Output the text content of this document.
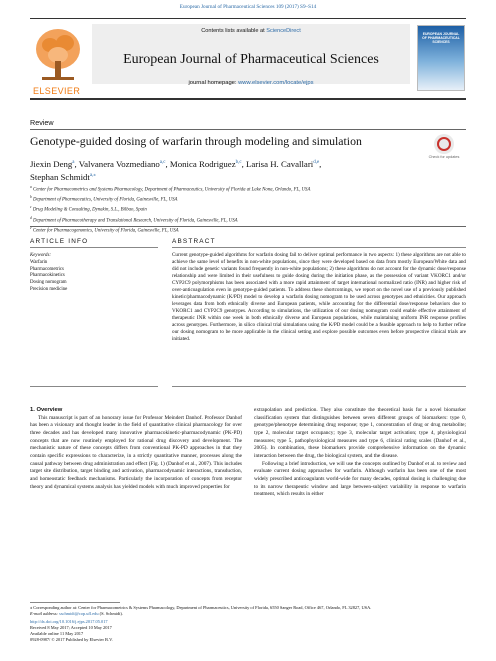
European Journal of Pharmaceutical Sciences 109 (2017) S9–S14
ELSEVIER
Contents lists available at ScienceDirect
European Journal of Pharmaceutical Sciences
journal homepage: www.elsevier.com/locate/ejps
EUROPEAN JOURNAL OF PHARMACEUTICAL SCIENCES
Review
Genotype-guided dosing of warfarin through modeling and simulation
Check for updates
Jiexin Deng$^a$, Valvanera Vozmediano$^{a,c}$, Monica Rodriguez$^{b,c}$, Larisa H. Cavallari$^{d,e}$,
Stephan Schmidt$^{a,⁎}$
$^a$ Center for Pharmacometrics and Systems Pharmacology, Department of Pharmaceutics, University of Florida at Lake Nona, Orlando, FL, USA
$^b$ Department of Pharmaceutics, University of Florida, Gainesville, FL, USA
$^c$ Drug Modeling & Consulting, Dynakin, S.L., Bilbao, Spain
$^d$ Department of Pharmacotherapy and Translational Research, University of Florida, Gainesville, FL, USA
$^e$ Center for Pharmacogenomics, University of Florida, Gainesville, FL, USA
ARTICLE INFO	ABSTRACT
Keywords:
Warfarin
Pharmacometrics
Pharmacokinetics
Dosing nomogram
Precision medicine
Current genotype-guided algorithms for warfarin dosing fail to deliver optimal performance in two aspects: 1) these algorithms are not able to achieve the same level of benefits in non-white populations, since they were developed based on data from mostly European/White data and did not include genetic variants found frequently in non-white populations; 2) these algorithms do not account for the dynamic dose/response relationship and were limited in their usefulness to guide dosing during the initiation phase, as the possession of variant VKORC1 and/or CYP2C9 polymorphisms has been associated with a more rapid attainment of target international normalized ratio (INR) and higher risk of over-anticoagulation even in genotype-guided patients. To address these shortcomings, we report on the novel use of a previously published kinetic/pharmacodynamic (K/PD) model to develop a warfarin dosing nomogram to be used across genotypes and ethnicities. Our approach leverages data from both ethnically diverse and European patients, while accounting for the differential dose/response behaviors due to VKORC1 and CYP2C9 genotypes. According to simulations, the utilization of our dosing nomogram could enable effective attainment of therapeutic INR within one week in both ethnically diverse and European populations, while maintaining uniform INR response profiles across genotypes. Furthermore, in silico clinical trial simulations using the K/PD model could be a feasible approach to help to further refine our dosing nomogram to be more applicable in the clinical setting and explore possible outcomes even before prospective clinical trials are initiated.

1. Overview

This manuscript is part of an honorary issue for Professor Meindert Danhof. Professor Danhof has been a visionary and thought leader in the field of quantitative clinical pharmacology for over three decades and has developed many innovative pharmacokinetic-pharmacodynamic (PK-PD) concepts that are now routinely employed for rational drug discovery and development. The mechanistic nature of these concepts differs from conventional PK-PD approaches in that they contain specific expressions to characterize, in a strictly quantitative manner, processes along the causal pathway between drug administration and effect (Fig. 1) (Danhof et al., 2007). This includes target site distribution, target binding and activation, pharmacodynamic interactions, transduction, and homeostatic feedback mechanisms. Particularly the incorporation of concepts from receptor theory and dynamical systems analysis has yielded models with much improved properties for

extrapolation and prediction. They also constitute the theoretical basis for a novel biomarker classification system that distinguishes between seven different groups of biomarkers: type 0, genotype/phenotype determining drug response; type 1, concentration of drug or drug metabolite; type 2, molecular target occupancy; type 3, molecular target activation; type 4, physiological measures; type 5, pathophysiological measures and type 6, clinical rating scales (Danhof et al., 2005). In combination, these biomarkers provide comprehensive information on the dynamic interaction between the drug, the biological system, and the disease.

Following a brief introduction, we will use the concepts outlined by Danhof et al. to review and evaluate current dosing approaches for warfarin. Although warfarin has been one of the most widely prescribed anticoagulants world-wide for many decades, optimal dosing is challenging due to its narrow therapeutic window and large between-subject variability in response to warfarin treatment, which results in either

⁎ Corresponding author at: Center for Pharmacometrics & Systems Pharmacology, Department of Pharmaceutics, University of Florida, 6550 Sanger Road, Office 467, Orlando, FL 32827, USA.
E-mail address: sschmidt@cop.ufl.edu (S. Schmidt).
http://dx.doi.org/10.1016/j.ejps.2017.05.017
Received 8 May 2017; Accepted 10 May 2017
Available online 11 May 2017
0928-0987/ © 2017 Published by Elsevier B.V.
